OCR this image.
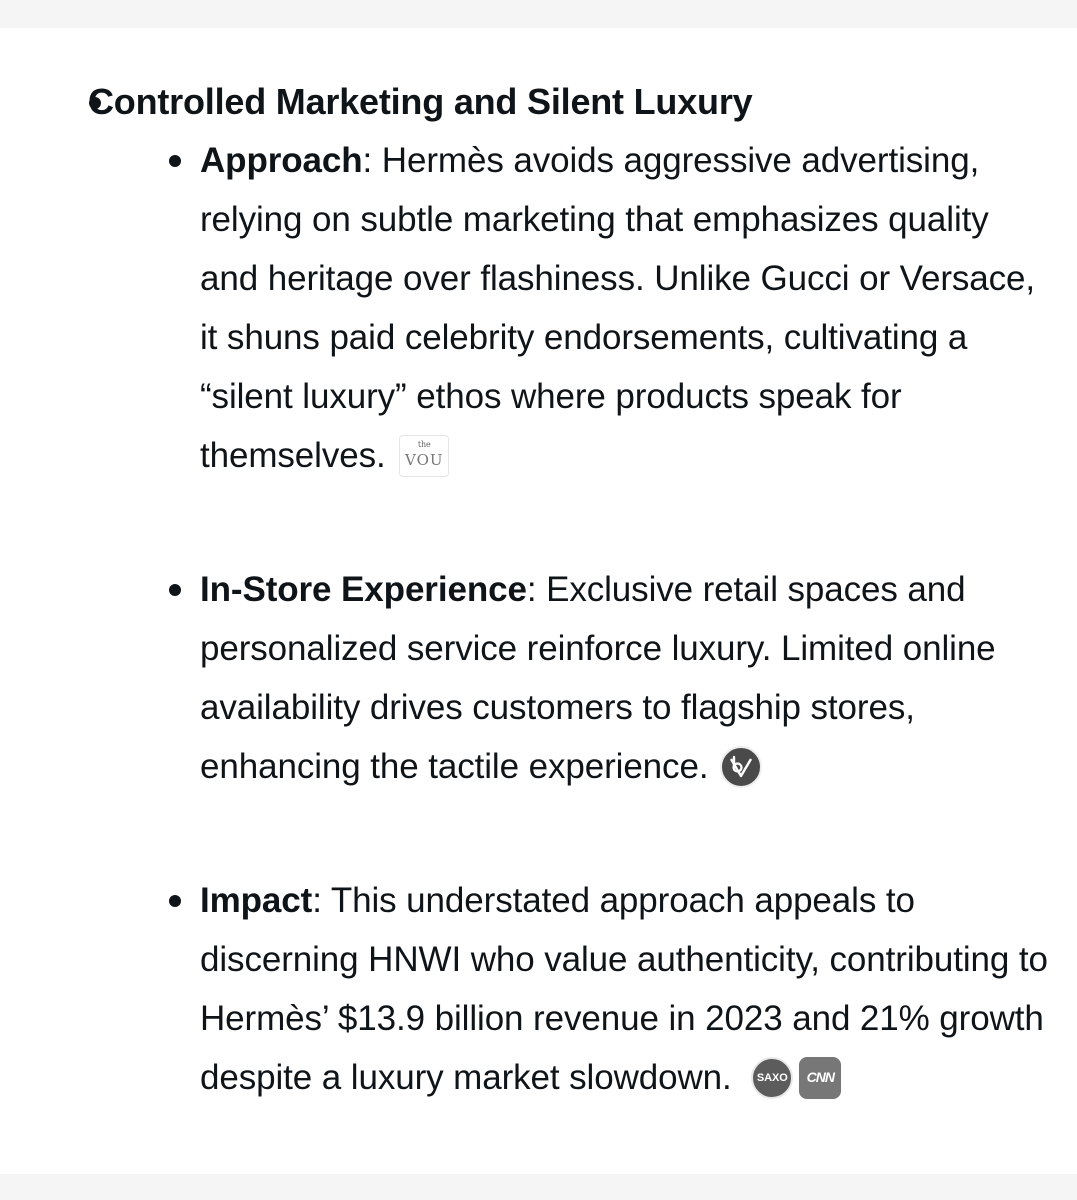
Controlled Marketing and Silent Luxury

Approach: Hermès avoids aggressive advertising, relying on subtle marketing that emphasizes quality and heritage over flashiness. Unlike Gucci or Versace, it shuns paid celebrity endorsements, cultivating a “silent luxury” ethos where products speak for themselves.	the
VOU

In-Store Experience: Exclusive retail spaces and personalized service reinforce luxury. Limited online availability drives customers to flagship stores, enhancing the tactile experience.

Impact: This understated approach appeals to discerning HNWI who value authenticity, contributing to Hermès’ $13.9 billion revenue in 2023 and 21% growth despite a luxury market slowdown.	SAXO	CNN
